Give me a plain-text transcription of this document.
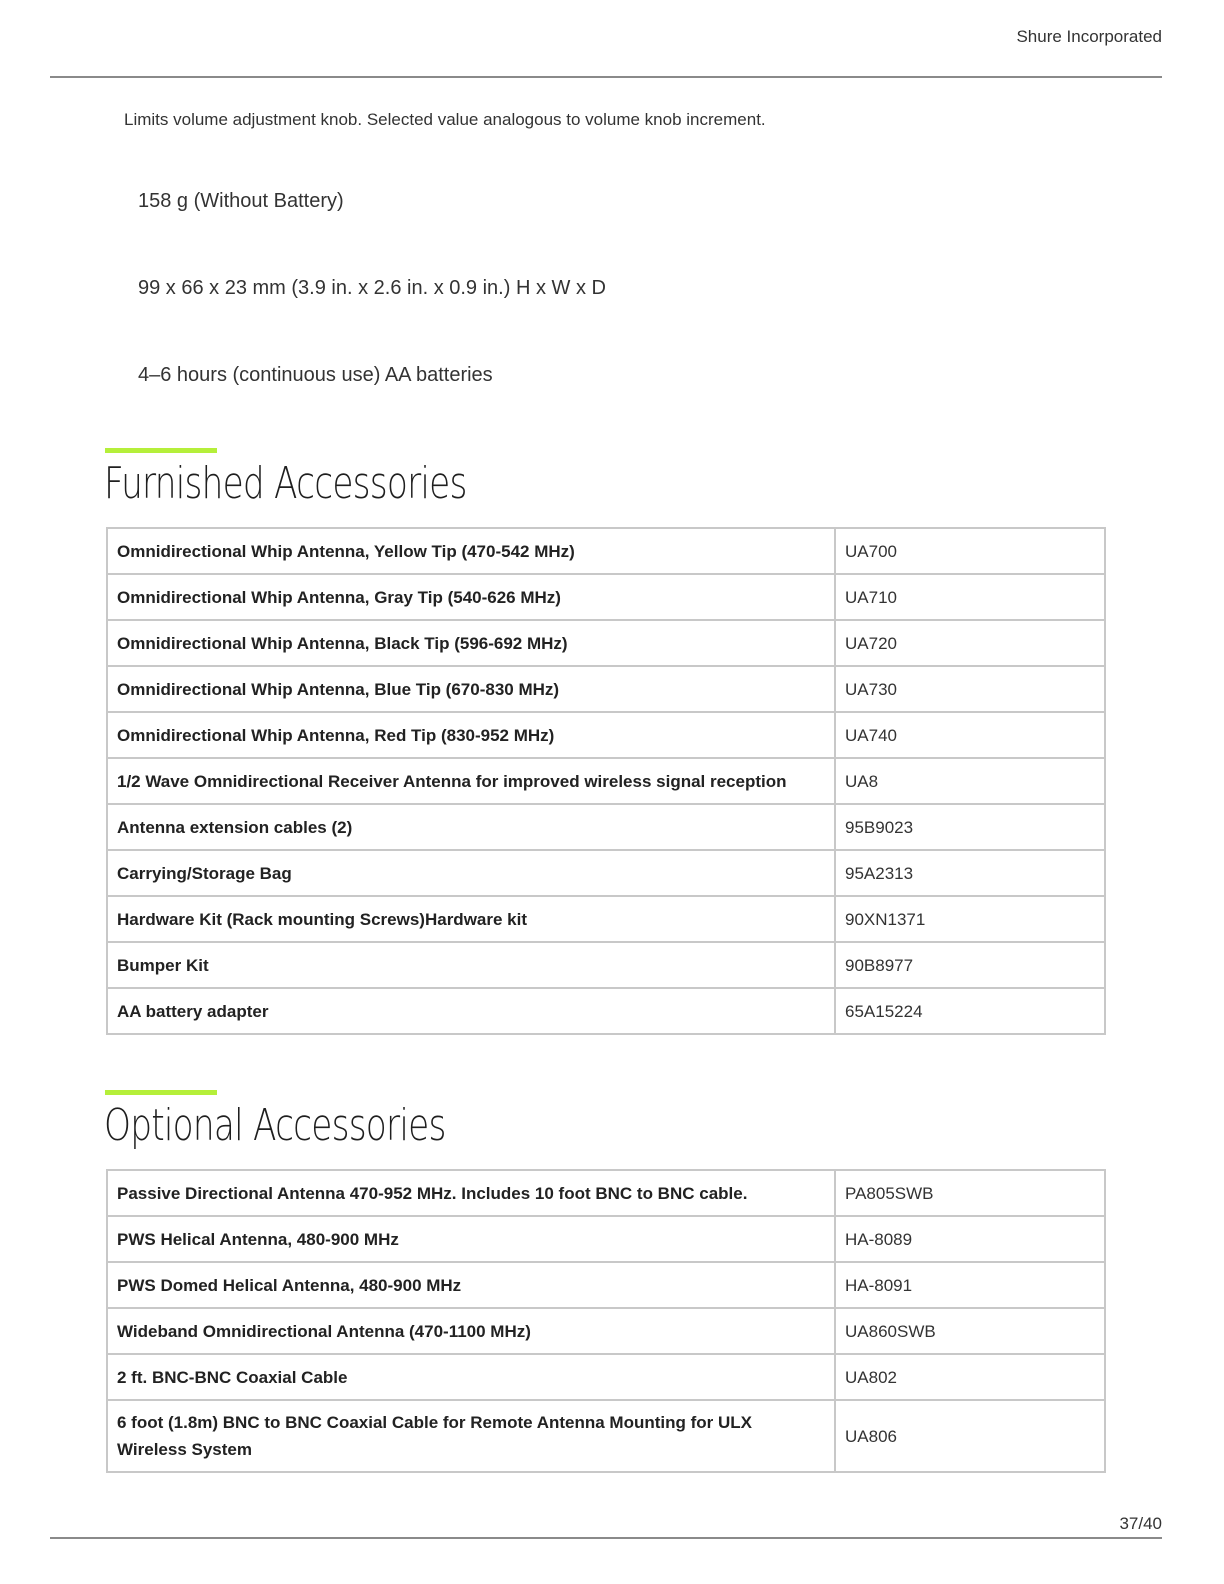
Shure Incorporated
Limits volume adjustment knob. Selected value analogous to volume knob increment.
158 g (Without Battery)
99 x 66 x 23 mm (3.9 in. x 2.6 in. x 0.9 in.) H x W x D
4–6 hours (continuous use) AA batteries
Furnished Accessories
Omnidirectional Whip Antenna, Yellow Tip (470-542 MHz)	UA700
Omnidirectional Whip Antenna, Gray Tip (540-626 MHz)	UA710
Omnidirectional Whip Antenna, Black Tip (596-692 MHz)	UA720
Omnidirectional Whip Antenna, Blue Tip (670-830 MHz)	UA730
Omnidirectional Whip Antenna, Red Tip (830-952 MHz)	UA740
1/2 Wave Omnidirectional Receiver Antenna for improved wireless signal reception	UA8
Antenna extension cables (2)	95B9023
Carrying/Storage Bag	95A2313
Hardware Kit (Rack mounting Screws)Hardware kit	90XN1371
Bumper Kit	90B8977
AA battery adapter	65A15224
Optional Accessories
Passive Directional Antenna 470-952 MHz. Includes 10 foot BNC to BNC cable.	PA805SWB
PWS Helical Antenna, 480-900 MHz	HA-8089
PWS Domed Helical Antenna, 480-900 MHz	HA-8091
Wideband Omnidirectional Antenna (470-1100 MHz)	UA860SWB
2 ft. BNC-BNC Coaxial Cable	UA802
6 foot (1.8m) BNC to BNC Coaxial Cable for Remote Antenna Mounting for ULX Wireless System	UA806
37/40
